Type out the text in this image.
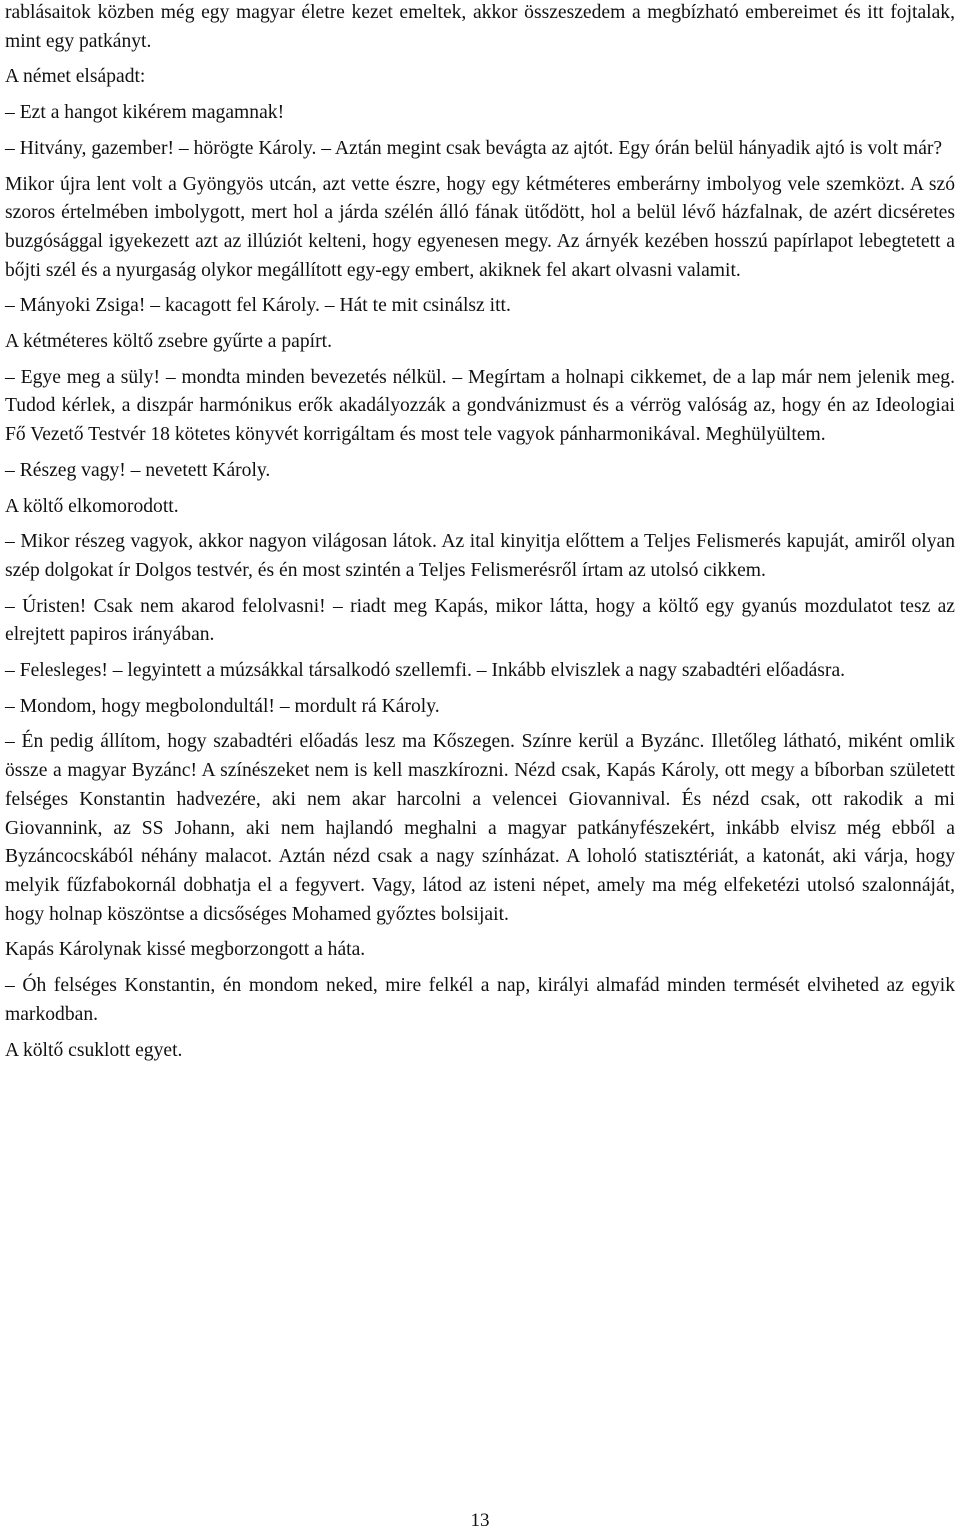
rablásaitok közben még egy magyar életre kezet emeltek, akkor összeszedem a megbízható embereimet és itt fojtalak, mint egy patkányt.

A német elsápadt:

– Ezt a hangot kikérem magamnak!

– Hitvány, gazember! – hörögte Károly. – Aztán megint csak bevágta az ajtót. Egy órán belül hányadik ajtó is volt már?

Mikor újra lent volt a Gyöngyös utcán, azt vette észre, hogy egy kétméteres emberárny imbolyog vele szemközt. A szó szoros értelmében imbolygott, mert hol a járda szélén álló fának ütődött, hol a belül lévő házfalnak, de azért dicséretes buzgósággal igyekezett azt az illúziót kelteni, hogy egyenesen megy. Az árnyék kezében hosszú papírlapot lebegtetett a bőjti szél és a nyurgaság olykor megállított egy-egy embert, akiknek fel akart olvasni valamit.

– Mányoki Zsiga! – kacagott fel Károly. – Hát te mit csinálsz itt.

A kétméteres költő zsebre gyűrte a papírt.

– Egye meg a süly! – mondta minden bevezetés nélkül. – Megírtam a holnapi cikkemet, de a lap már nem jelenik meg. Tudod kérlek, a diszpár harmónikus erők akadályozzák a gondvánizmust és a vérrög valóság az, hogy én az Ideologiai Fő Vezető Testvér 18 kötetes könyvét korrigáltam és most tele vagyok pánharmonikával. Meghülyültem.

– Részeg vagy! – nevetett Károly.

A költő elkomorodott.

– Mikor részeg vagyok, akkor nagyon világosan látok. Az ital kinyitja előttem a Teljes Felismerés kapuját, amiről olyan szép dolgokat ír Dolgos testvér, és én most szintén a Teljes Felismerésről írtam az utolsó cikkem.

– Úristen! Csak nem akarod felolvasni! – riadt meg Kapás, mikor látta, hogy a költő egy gyanús mozdulatot tesz az elrejtett papiros irányában.

– Felesleges! – legyintett a múzsákkal társalkodó szellemfi. – Inkább elviszlek a nagy szabadtéri előadásra.

– Mondom, hogy megbolondultál! – mordult rá Károly.

– Én pedig állítom, hogy szabadtéri előadás lesz ma Kőszegen. Színre kerül a Byzánc. Illetőleg látható, miként omlik össze a magyar Byzánc! A színészeket nem is kell maszkírozni. Nézd csak, Kapás Károly, ott megy a bíborban született felséges Konstantin hadvezére, aki nem akar harcolni a velencei Giovannival. És nézd csak, ott rakodik a mi Giovannink, az SS Johann, aki nem hajlandó meghalni a magyar patkányfészekért, inkább elvisz még ebből a Byzáncocskából néhány malacot. Aztán nézd csak a nagy színházat. A loholó statisztériát, a katonát, aki várja, hogy melyik fűzfabokornál dobhatja el a fegyvert. Vagy, látod az isteni népet, amely ma még elfeketézi utolsó szalonnáját, hogy holnap köszöntse a dicsőséges Mohamed győztes bolsijait.

Kapás Károlynak kissé megborzongott a háta.

– Óh felséges Konstantin, én mondom neked, mire felkél a nap, királyi almafád minden termését elviheted az egyik markodban.

A költő csuklott egyet.

13
